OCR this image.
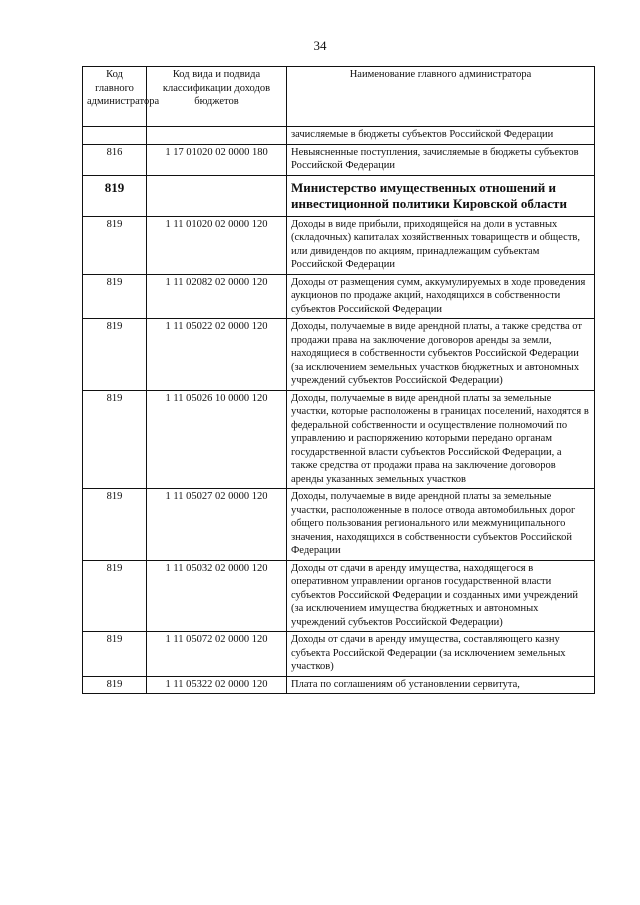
34
Код главного администратора	Код вида и подвида классификации доходов бюджетов	Наименование главного администратора
		зачисляемые в бюджеты субъектов Российской Федерации
816	1 17 01020 02 0000 180	Невыясненные поступления, зачисляемые в бюджеты субъектов Российской Федерации
819		Министерство имущественных отношений и инвестиционной политики Кировской области
819	1 11 01020 02 0000 120	Доходы в виде прибыли, приходящейся на доли в уставных (складочных) капиталах хозяйственных товариществ и обществ, или дивидендов по акциям, принадлежащим субъектам Российской Федерации
819	1 11 02082 02 0000 120	Доходы от размещения сумм, аккумулируемых в ходе проведения аукционов по продаже акций, находящихся в собственности субъектов Российской Федерации
819	1 11 05022 02 0000 120	Доходы, получаемые в виде арендной платы, а также средства от продажи права на заключение договоров аренды за земли, находящиеся в собственности субъектов Российской Федерации (за исключением земельных участков бюджетных и автономных учреждений субъектов Российской Федерации)
819	1 11 05026 10 0000 120	Доходы, получаемые в виде арендной платы за земельные участки, которые расположены в границах поселений, находятся в федеральной собственности и осуществление полномочий по управлению и распоряжению которыми передано органам государственной власти субъектов Российской Федерации, а также средства от продажи права на заключение договоров аренды указанных земельных участков
819	1 11 05027 02 0000 120	Доходы, получаемые в виде арендной платы за земельные участки, расположенные в полосе отвода автомобильных дорог общего пользования регионального или межмуниципального значения, находящихся в собственности субъектов Российской Федерации
819	1 11 05032 02 0000 120	Доходы от сдачи в аренду имущества, находящегося в оперативном управлении органов государственной власти субъектов Российской Федерации и созданных ими учреждений (за исключением имущества бюджетных и автономных учреждений субъектов Российской Федерации)
819	1 11 05072 02 0000 120	Доходы от сдачи в аренду имущества, составляющего казну субъекта Российской Федерации (за исключением земельных участков)
819	1 11 05322 02 0000 120	Плата по соглашениям об установлении сервитута,
